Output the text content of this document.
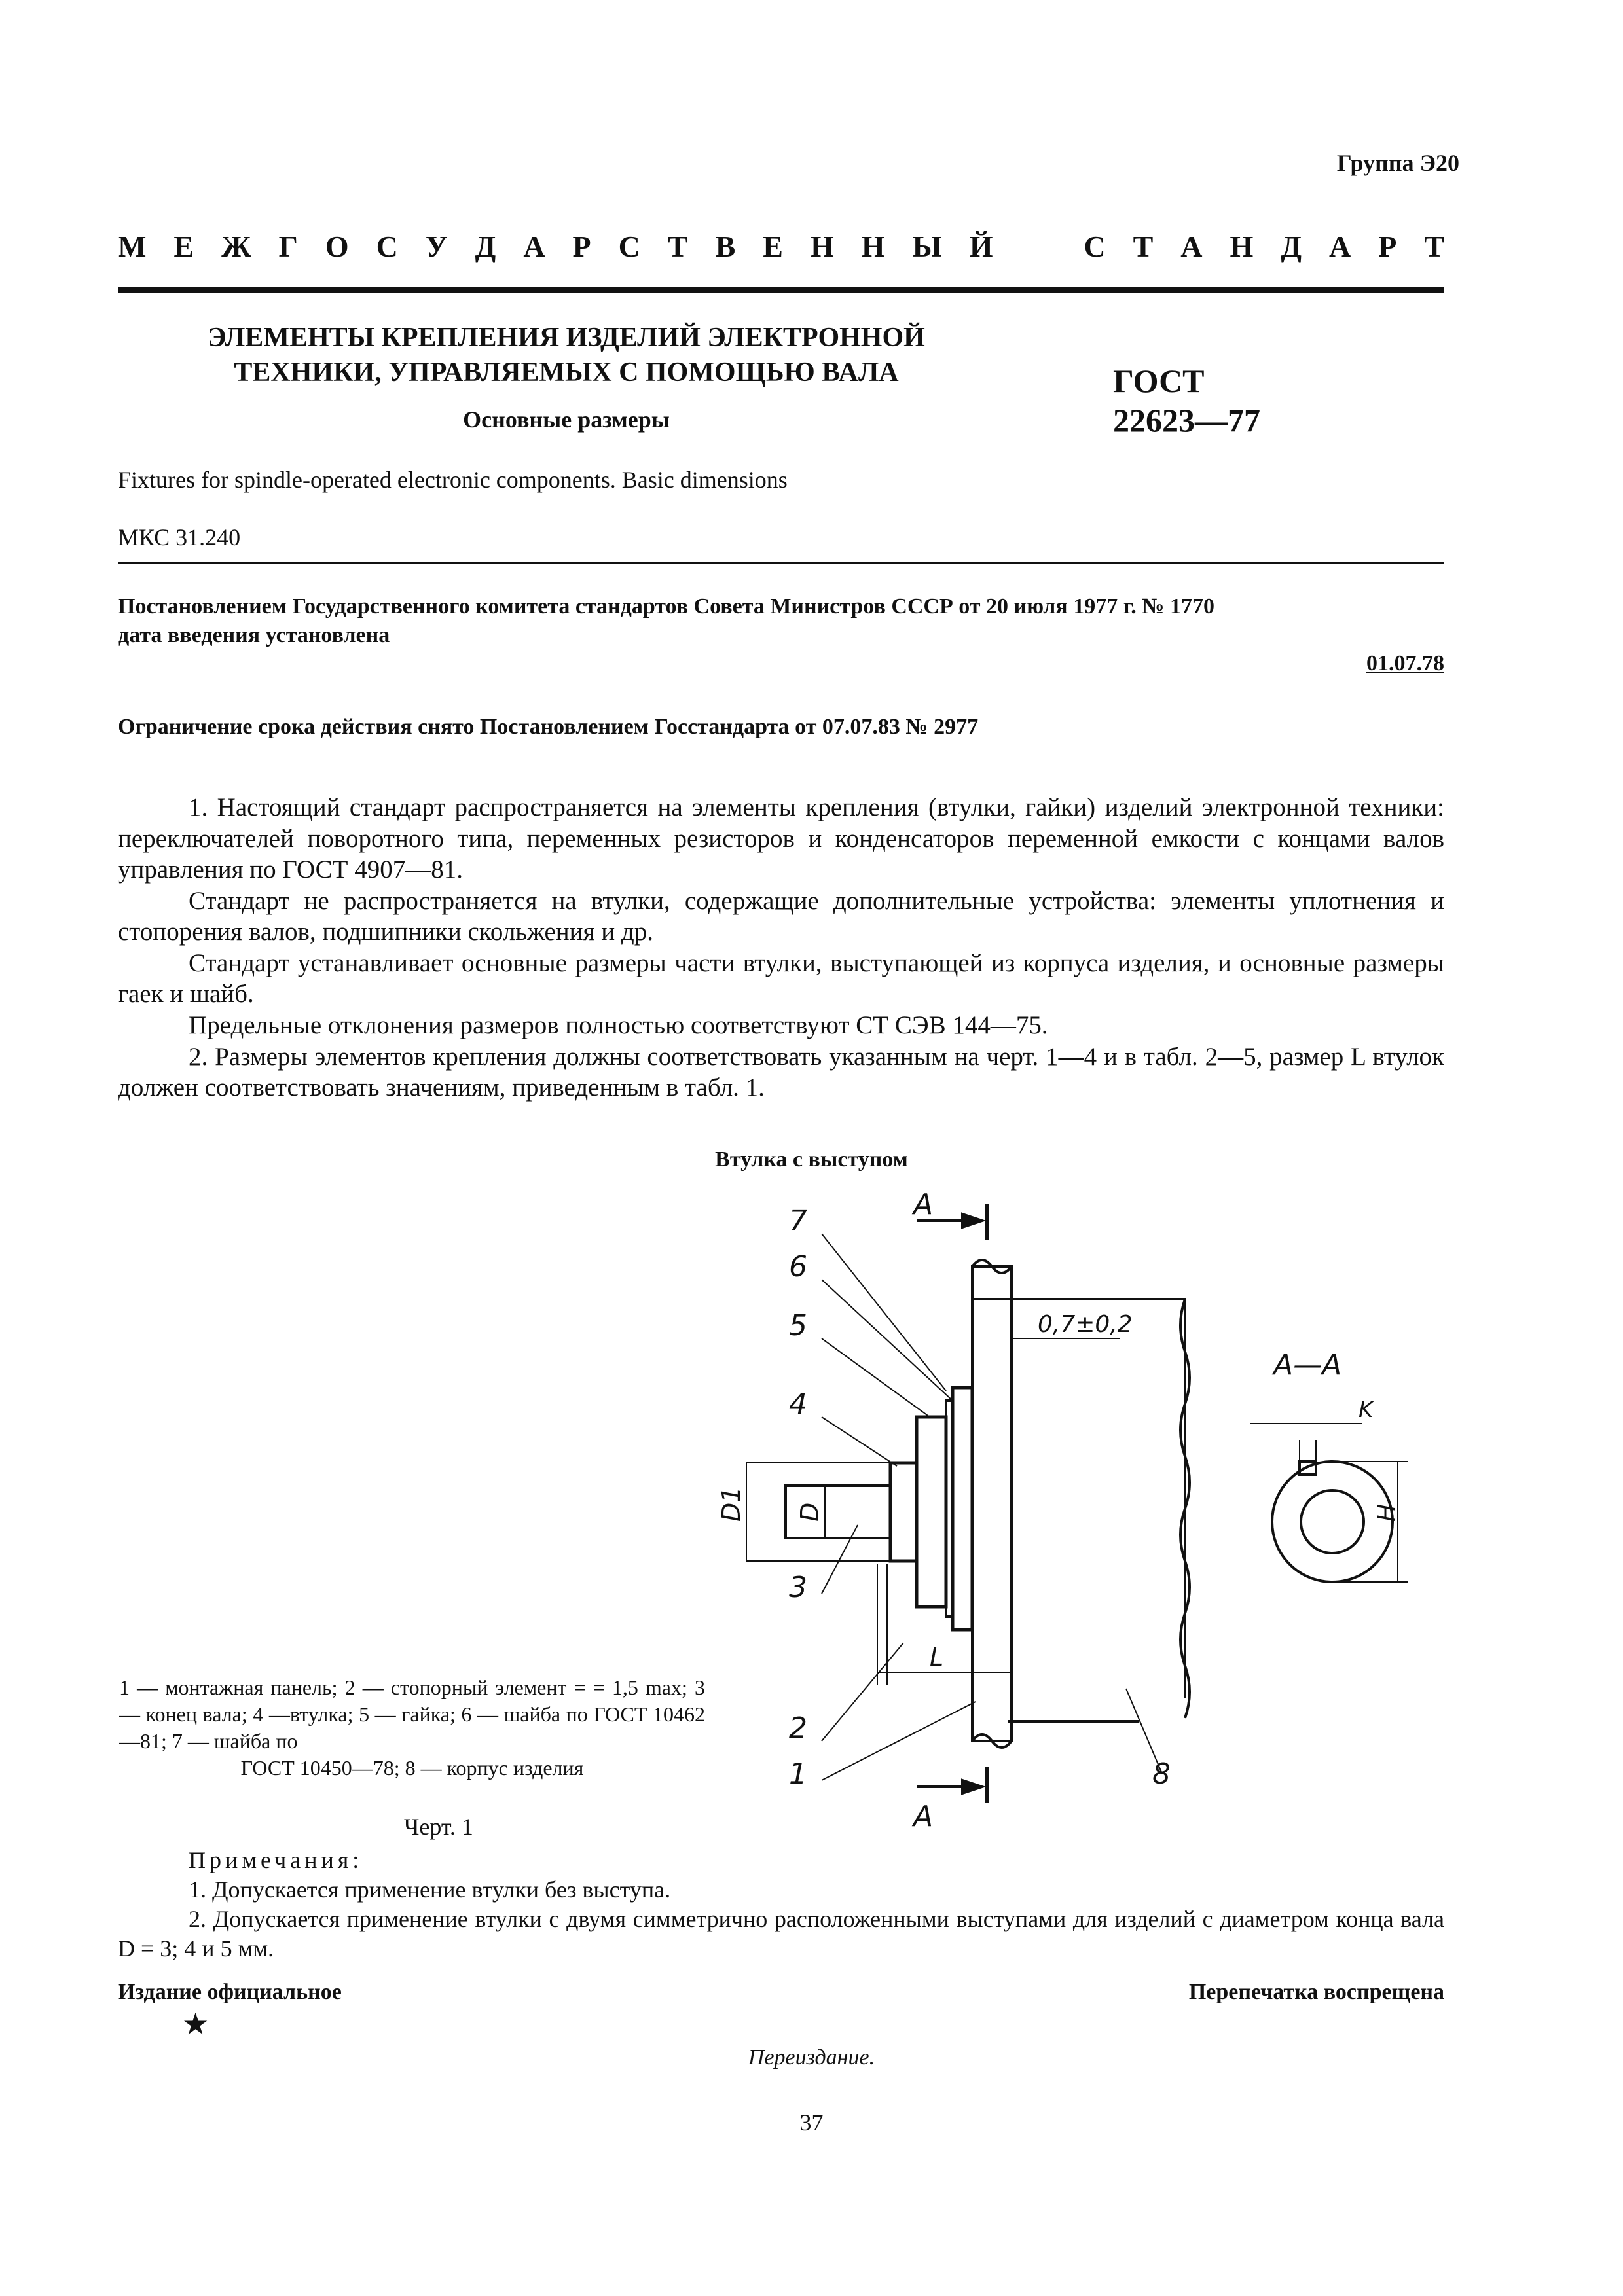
Группа Э20
М Е Ж Г О С У Д А Р С Т В Е Н Н Ы Й	С Т А Н Д А Р Т
ЭЛЕМЕНТЫ КРЕПЛЕНИЯ ИЗДЕЛИЙ ЭЛЕКТРОННОЙ
ТЕХНИКИ, УПРАВЛЯЕМЫХ С ПОМОЩЬЮ ВАЛА
Основные размеры
ГОСТ
22623—77
Fixtures for spindle-operated electronic components. Basic dimensions
МКС 31.240
Постановлением Государственного комитета стандартов Совета Министров СССР от 20 июля 1977 г. № 1770
дата введения установлена
01.07.78
Ограничение срока действия снято Постановлением Госстандарта от 07.07.83 № 2977

1. Настоящий стандарт распространяется на элементы крепления (втулки, гайки) изделий электронной техники: переключателей поворотного типа, переменных резисторов и конденсаторов переменной емкости с концами валов управления по ГОСТ 4907—81.

Стандарт не распространяется на втулки, содержащие дополнительные устройства: элементы уплотнения и стопорения валов, подшипники скольжения и др.

Стандарт устанавливает основные размеры части втулки, выступающей из корпуса изделия, и основные размеры гаек и шайб.

Предельные отклонения размеров полностью соответствуют СТ СЭВ 144—75.

2. Размеры элементов крепления должны соответствовать указанным на черт. 1—4 и в табл. 2—5, размер L втулок должен соответствовать значениям, приведенным в табл. 1.

Втулка с выступом
7
6
5
4
3
2
1	8
А
А
А—А
0,7±0,2
D1 D
L
K
H
1 — монтажная панель; 2 — стопорный элемент = = 1,5 max; 3 — конец вала; 4 —втулка; 5 — гайка; 6 — шайба по ГОСТ 10462—81; 7 — шайба по
ГОСТ 10450—78; 8 — корпус изделия
Черт. 1
Примечания:

1. Допускается применение втулки без выступа.

2. Допускается применение втулки с двумя симметрично расположенными выступами для изделий с диаметром конца вала D = 3; 4 и 5 мм.

Издание официальное	Перепечатка воспрещена
★
Переиздание.
37
